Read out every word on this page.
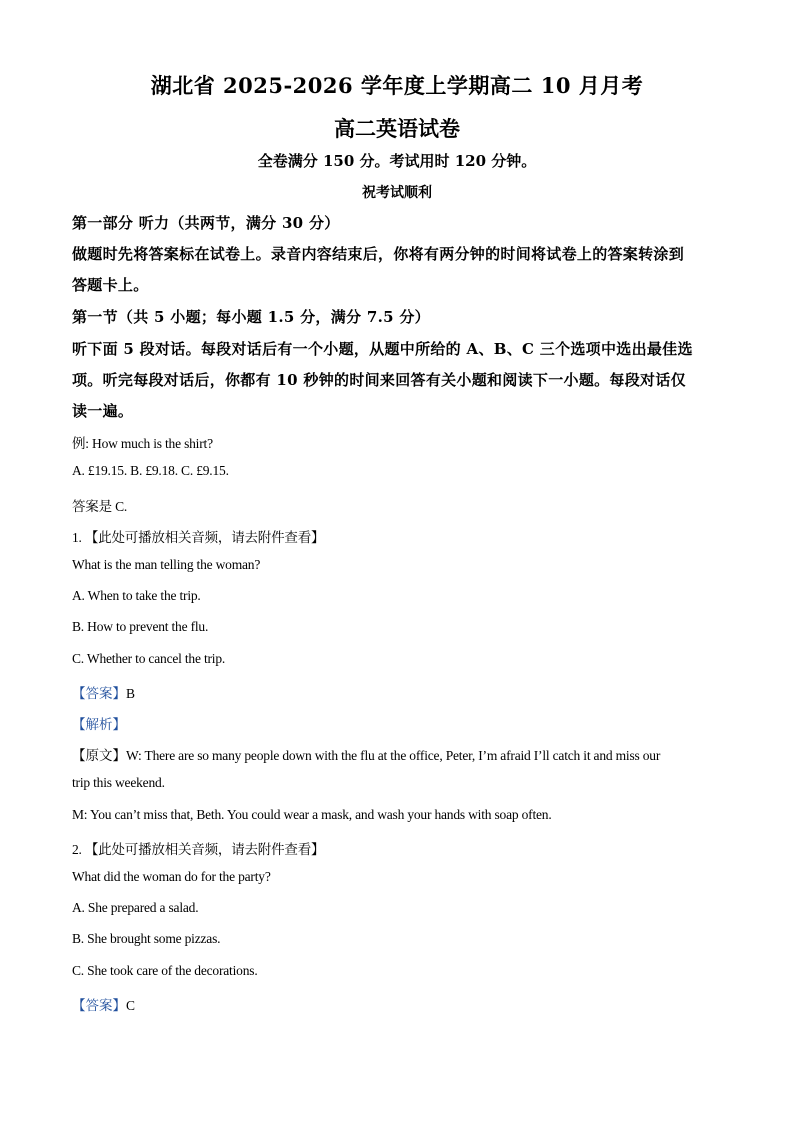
湖北省 2025-2026 学年度上学期高二 10 月月考
高二英语试卷
全卷满分 150 分。考试用时 120 分钟。
祝考试顺利
第一部分 听力（共两节，满分 30 分）
做题时先将答案标在试卷上。录音内容结束后，你将有两分钟的时间将试卷上的答案转涂到
答题卡上。
第一节（共 5 小题；每小题 1.5 分，满分 7.5 分）
听下面 5 段对话。每段对话后有一个小题，从题中所给的 A、B、C 三个选项中选出最佳选
项。听完每段对话后，你都有 10 秒钟的时间来回答有关小题和阅读下一小题。每段对话仅
读一遍。
例: How much is the shirt?
A. £19.15. B. £9.18. C. £9.15.
答案是 C.
1. 【此处可播放相关音频，请去附件查看】
What is the man telling the woman?
A. When to take the trip.
B. How to prevent the flu.
C. Whether to cancel the trip.
【答案】B
【解析】
【原文】W: There are so many people down with the flu at the office, Peter, I’m afraid I’ll catch it and miss our
trip this weekend.
M: You can’t miss that, Beth. You could wear a mask, and wash your hands with soap often.
2. 【此处可播放相关音频，请去附件查看】
What did the woman do for the party?
A. She prepared a salad.
B. She brought some pizzas.
C. She took care of the decorations.
【答案】C
